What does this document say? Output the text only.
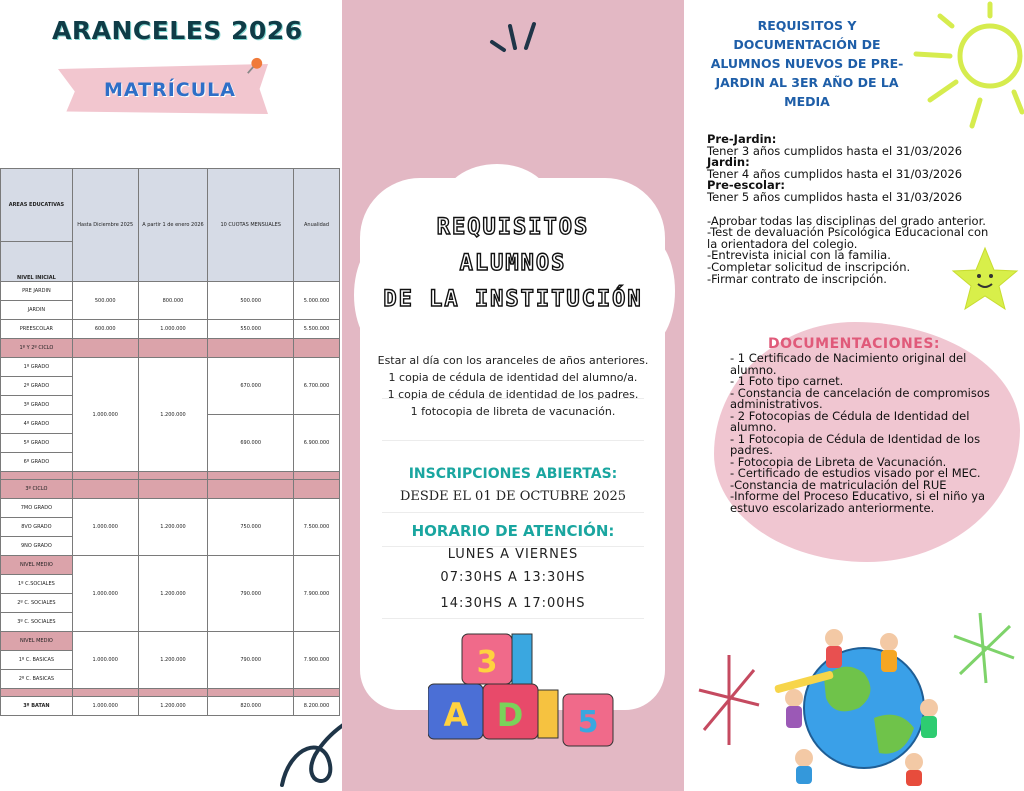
ARANCELES 2026
MATRÍCULA
AREAS EDUCATIVAS	Hasta Diciembre 2025	A partir 1 de enero 2026	10 CUOTAS MENSUALES	Anualidad
NIVEL INICIAL				
PRE JARDIN	500.000	800.000	500.000	5.000.000
JARDIN				
PREESCOLAR	600.000	1.000.000	550.000	5.500.000
1º Y 2º CICLO				
1º GRADO	1.000.000	1.200.000	670.000	6.700.000
2º GRADO				
3º GRADO				
4º GRADO			690.000	6.900.000
5º GRADO				
6º GRADO				

3º CICLO				
7MO GRADO	1.000.000	1.200.000	750.000	7.500.000
8VO GRADO				
9NO GRADO				
NIVEL MEDIO	1.000.000	1.200.000	790.000	7.900.000
1º C.SOCIALES				
2º C. SOCIALES				
3º C. SOCIALES				
NIVEL MEDIO	1.000.000	1.200.000	790.000	7.900.000
1º C. BASICAS				
2º C. BASICAS				

3º BATAN	1.000.000	1.200.000	820.000	8.200.000
REQUISITOS
ALUMNOS
DE LA INSTITUCIÓN
Estar al día con los aranceles de años anteriores.
1 copia de cédula de identidad del alumno/a.
1 copia de cédula de identidad de los padres.
1 fotocopia de libreta de vacunación.
INSCRIPCIONES ABIERTAS:
DESDE EL 01 DE OCTUBRE 2025
HORARIO DE ATENCIÓN:
LUNES A VIERNES
07:30HS A 13:30HS
14:30HS A 17:00HS
3
A D 5
REQUISITOS Y DOCUMENTACIÓN DE ALUMNOS NUEVOS DE PRE-JARDIN AL 3ER AÑO DE LA MEDIA
Pre-Jardin:
Tener 3 años cumplidos hasta el 31/03/2026
Jardin:
Tener 4 años cumplidos hasta el 31/03/2026
Pre-escolar:
Tener 5 años cumplidos hasta el 31/03/2026
-Aprobar todas las disciplinas del grado anterior.
-Test de devaluación Psicológica Educacional con la orientadora del colegio.
-Entrevista inicial con la familia.
-Completar solicitud de inscripción.
-Firmar contrato de inscripción.
DOCUMENTACIONES:
- 1 Certificado de Nacimiento original del alumno.
- 1 Foto tipo carnet.
- Constancia de cancelación de compromisos administrativos.
- 2 Fotocopias de Cédula de Identidad del alumno.
- 1 Fotocopia de Cédula de Identidad de los padres.
- Fotocopia de Libreta de Vacunación.
- Certificado de estudios visado por el MEC.
-Constancia de matriculación del RUE
-Informe del Proceso Educativo, si el niño ya estuvo escolarizado anteriormente.
